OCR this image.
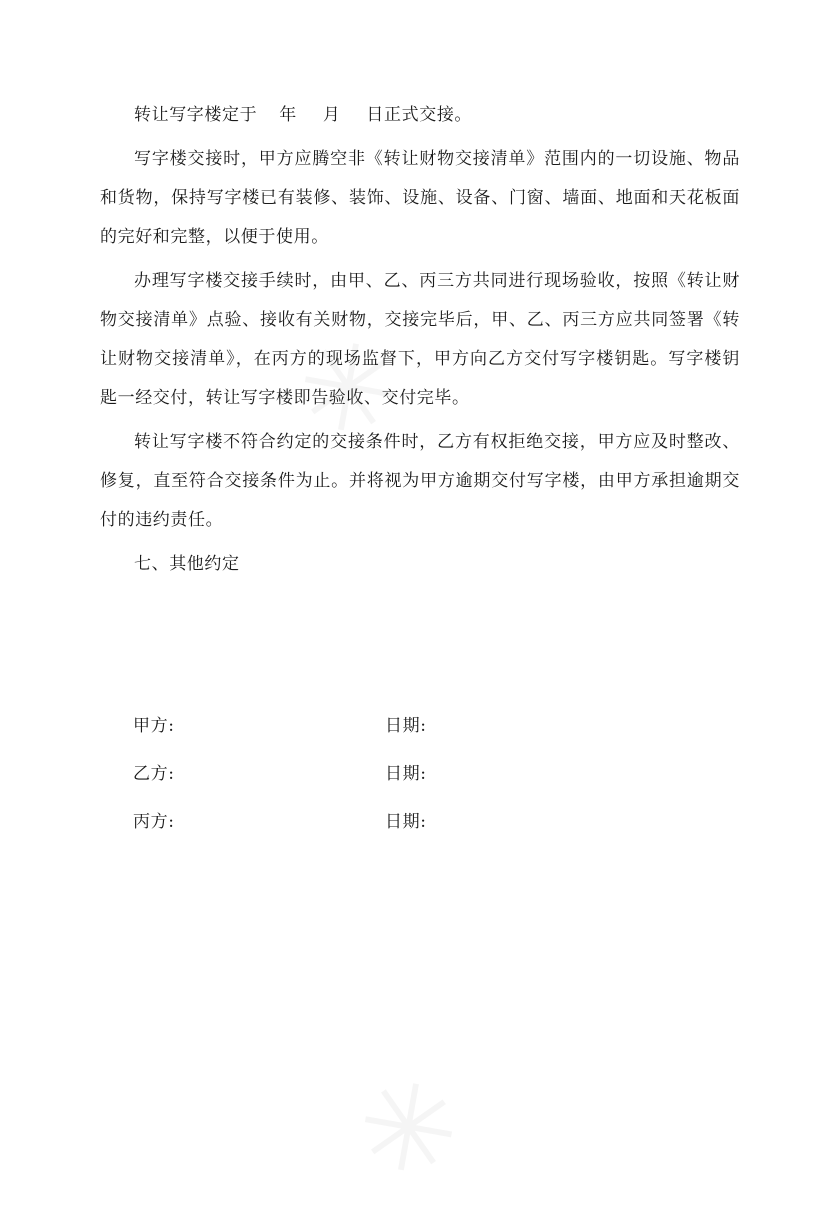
转让写字楼定于 年 月 日正式交接。

写字楼交接时，甲方应腾空非《转让财物交接清单》范围内的一切设施、物品和货物，保持写字楼已有装修、装饰、设施、设备、门窗、墙面、地面和天花板面的完好和完整，以便于使用。

办理写字楼交接手续时，由甲、乙、丙三方共同进行现场验收，按照《转让财物交接清单》点验、接收有关财物，交接完毕后，甲、乙、丙三方应共同签署《转让财物交接清单》，在丙方的现场监督下，甲方向乙方交付写字楼钥匙。写字楼钥匙一经交付，转让写字楼即告验收、交付完毕。

转让写字楼不符合约定的交接条件时，乙方有权拒绝交接，甲方应及时整改、修复，直至符合交接条件为止。并将视为甲方逾期交付写字楼，由甲方承担逾期交付的违约责任。

七、其他约定

甲方:	日期:
乙方:	日期:
丙方:	日期:
